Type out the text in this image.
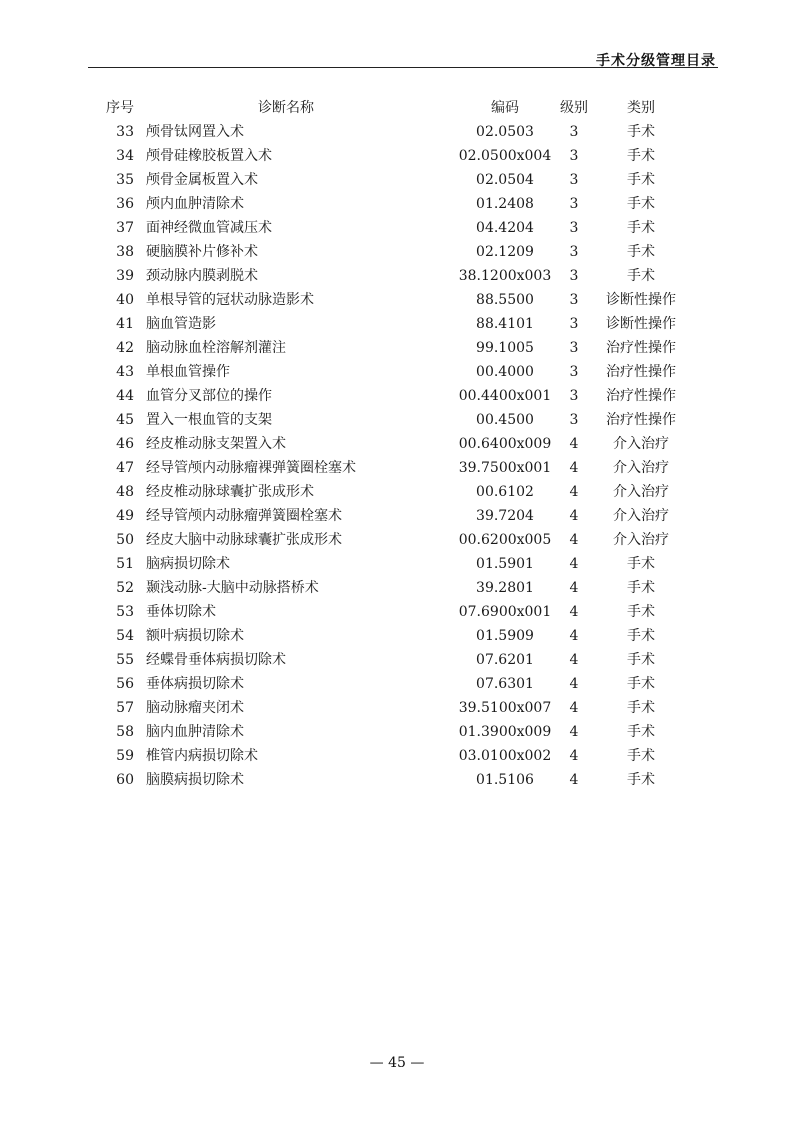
手术分级管理目录
序号	诊断名称	编码	级别	类别
33 颅骨钛网置入术	02.0503	3	手术
34 颅骨硅橡胶板置入术	02.0500x004	3	手术
35 颅骨金属板置入术	02.0504	3	手术
36 颅内血肿清除术	01.2408	3	手术
37 面神经微血管减压术	04.4204	3	手术
38 硬脑膜补片修补术	02.1209	3	手术
39 颈动脉内膜剥脱术	38.1200x003	3	手术
40 单根导管的冠状动脉造影术	88.5500	3	诊断性操作
41 脑血管造影	88.4101	3	诊断性操作
42 脑动脉血栓溶解剂灌注	99.1005	3	治疗性操作
43 单根血管操作	00.4000	3	治疗性操作
44 血管分叉部位的操作	00.4400x001	3	治疗性操作
45 置入一根血管的支架	00.4500	3	治疗性操作
46 经皮椎动脉支架置入术	00.6400x009	4	介入治疗
47 经导管颅内动脉瘤裸弹簧圈栓塞术	39.7500x001	4	介入治疗
48 经皮椎动脉球囊扩张成形术	00.6102	4	介入治疗
49 经导管颅内动脉瘤弹簧圈栓塞术	39.7204	4	介入治疗
50 经皮大脑中动脉球囊扩张成形术	00.6200x005	4	介入治疗
51 脑病损切除术	01.5901	4	手术
52 颞浅动脉-大脑中动脉搭桥术	39.2801	4	手术
53 垂体切除术	07.6900x001	4	手术
54 额叶病损切除术	01.5909	4	手术
55 经蝶骨垂体病损切除术	07.6201	4	手术
56 垂体病损切除术	07.6301	4	手术
57 脑动脉瘤夹闭术	39.5100x007	4	手术
58 脑内血肿清除术	01.3900x009	4	手术
59 椎管内病损切除术	03.0100x002	4	手术
60 脑膜病损切除术	01.5106	4	手术
— 45 —
